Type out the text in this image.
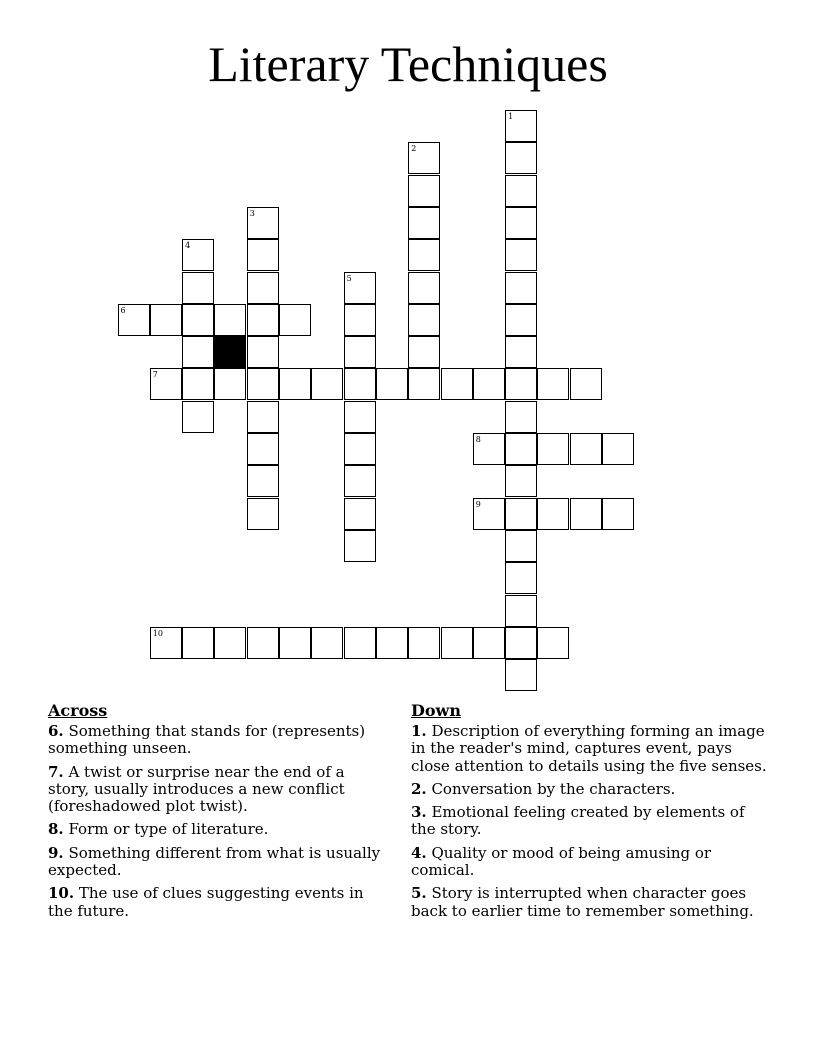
Literary Techniques
1
2
3
4
5
6
7
8
9
10
Across
6. Something that stands for (represents) something unseen.
7. A twist or surprise near the end of a story, usually introduces a new conflict (foreshadowed plot twist).
8. Form or type of literature.
9. Something different from what is usually expected.
10. The use of clues suggesting events in the future.
Down
1. Description of everything forming an image in the reader's mind, captures event, pays close attention to details using the five senses.
2. Conversation by the characters.
3. Emotional feeling created by elements of the story.
4. Quality or mood of being amusing or comical.
5. Story is interrupted when character goes back to earlier time to remember something.
